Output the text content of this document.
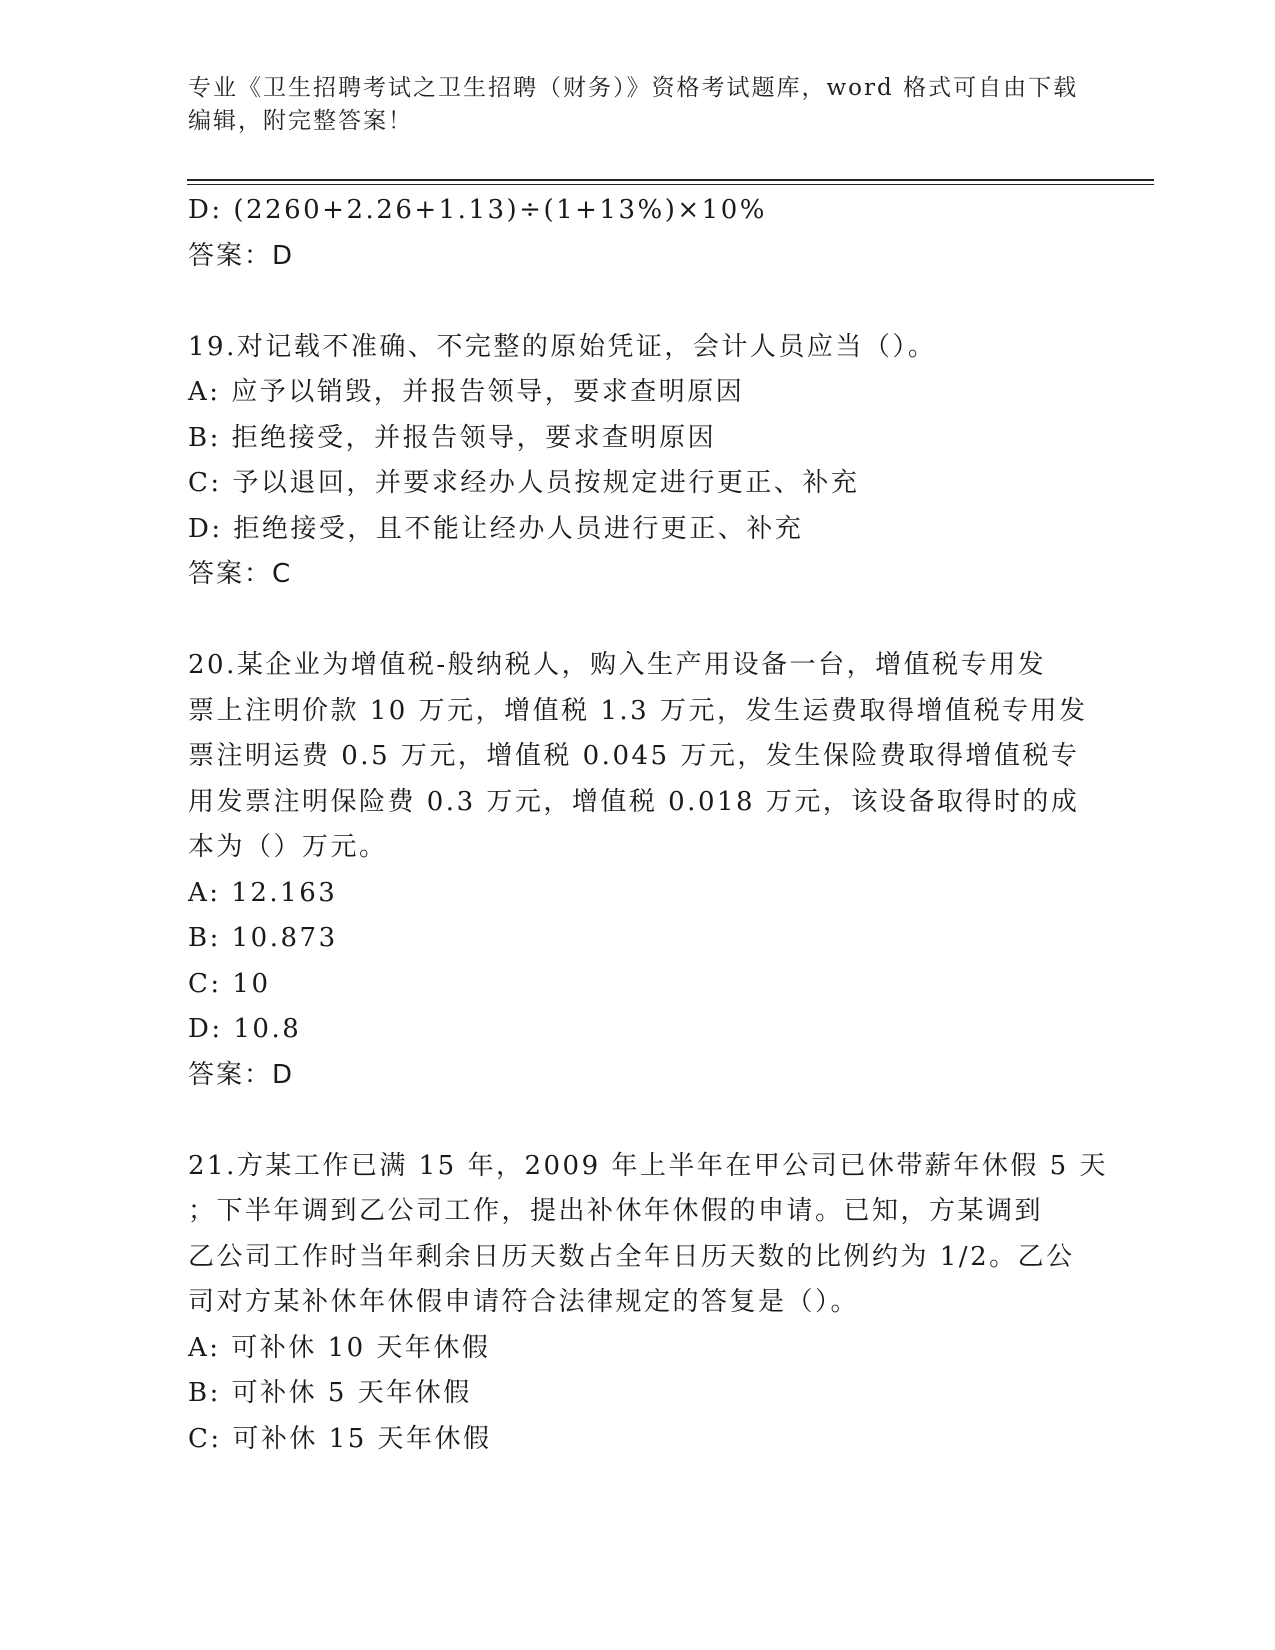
专业《卫生招聘考试之卫生招聘（财务）》资格考试题库，word 格式可自由下载
编辑，附完整答案！
D: (2260+2.26+1.13)÷(1+13%)×10%
答案：D
19.对记载不准确、不完整的原始凭证，会计人员应当（）。
A: 应予以销毁，并报告领导，要求查明原因
B: 拒绝接受，并报告领导，要求查明原因
C: 予以退回，并要求经办人员按规定进行更正、补充
D: 拒绝接受，且不能让经办人员进行更正、补充
答案：C
20.某企业为增值税-般纳税人，购入生产用设备一台，增值税专用发
票上注明价款 10 万元，增值税 1.3 万元，发生运费取得增值税专用发
票注明运费 0.5 万元，增值税 0.045 万元，发生保险费取得增值税专
用发票注明保险费 0.3 万元，增值税 0.018 万元，该设备取得时的成
本为（）万元。
A: 12.163
B: 10.873
C: 10
D: 10.8
答案：D
21.方某工作已满 15 年，2009 年上半年在甲公司已休带薪年休假 5 天
；下半年调到乙公司工作，提出补休年休假的申请。已知，方某调到
乙公司工作时当年剩余日历天数占全年日历天数的比例约为 1/2。乙公
司对方某补休年休假申请符合法律规定的答复是（）。
A: 可补休 10 天年休假
B: 可补休 5 天年休假
C: 可补休 15 天年休假
